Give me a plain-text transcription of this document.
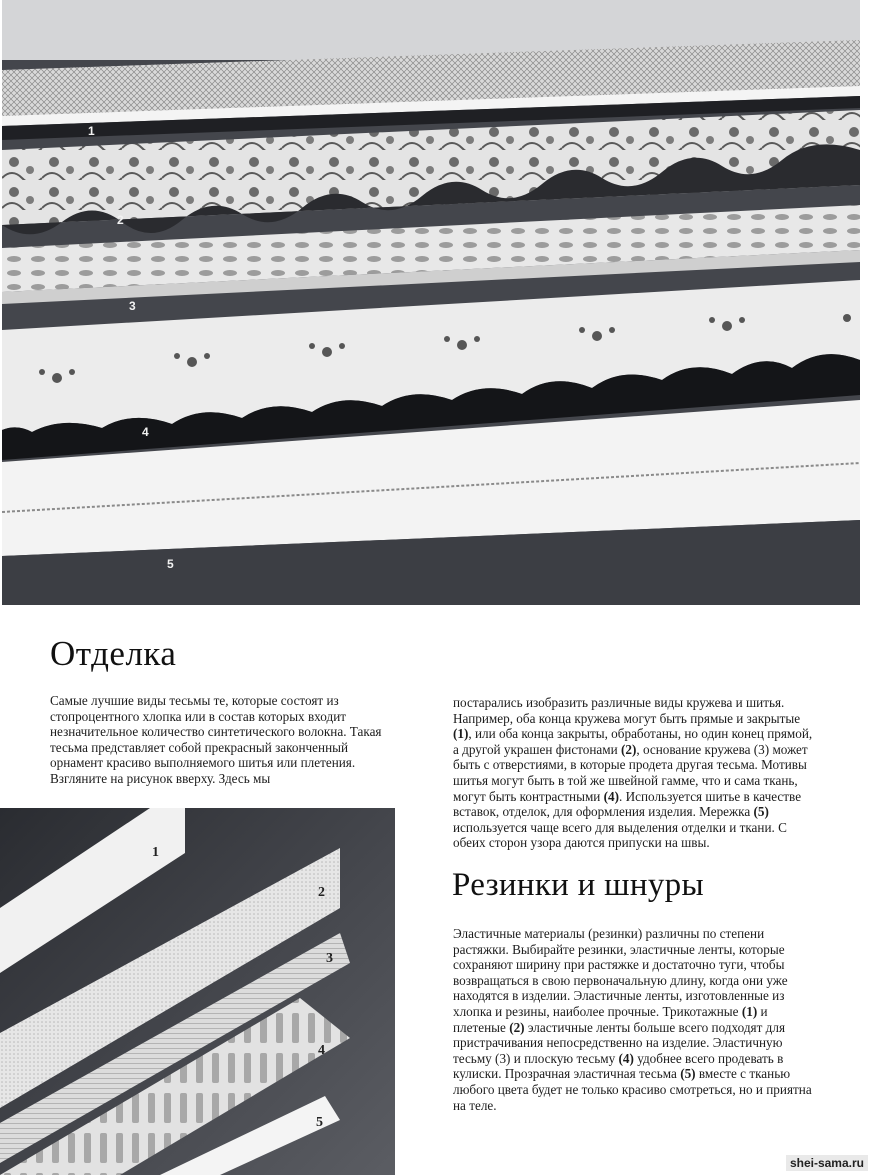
1
2
3
4
5
Отделка

Самые лучшие виды тесьмы те, которые состоят из стопроцентного хлопка или в состав которых входит незначительное количество синтетического волокна. Такая тесьма представляет собой прекрасный законченный орнамент красиво выполняемого шитья или плетения. Взгляните на рисунок вверху. Здесь мы

постарались изобразить различные виды кружева и шитья. Например, оба конца кружева могут быть прямые и закрытые (1), или оба конца закрыты, обработаны, но один конец прямой, а другой украшен фистонами (2), основание кружева (3) может быть с отверстиями, в которые продета другая тесьма. Мотивы шитья могут быть в той же швейной гамме, что и сама ткань, могут быть контрастными (4). Используется шитье в качестве вставок, отделок, для оформления изделия. Мережка (5) используется чаще всего для выделения отделки и ткани. С обеих сторон узора даются припуски на швы.

Резинки и шнуры

Эластичные материалы (резинки) различны по степени растяжки. Выбирайте резинки, эластичные ленты, которые сохраняют ширину при растяжке и достаточно туги, чтобы возвращаться в свою первоначальную длину, когда они уже находятся в изделии. Эластичные ленты, изготовленные из хлопка и резины, наиболее прочные. Трикотажные (1) и плетеные (2) эластичные ленты больше всего подходят для пристрачивания непосредственно на изделие. Эластичную тесьму (3) и плоскую тесьму (4) удобнее всего продевать в кулиски. Прозрачная эластичная тесьма (5) вместе с тканью любого цвета будет не только красиво смотреться, но и приятна на теле.

1
2
3
4
5
shei-sama.ru
